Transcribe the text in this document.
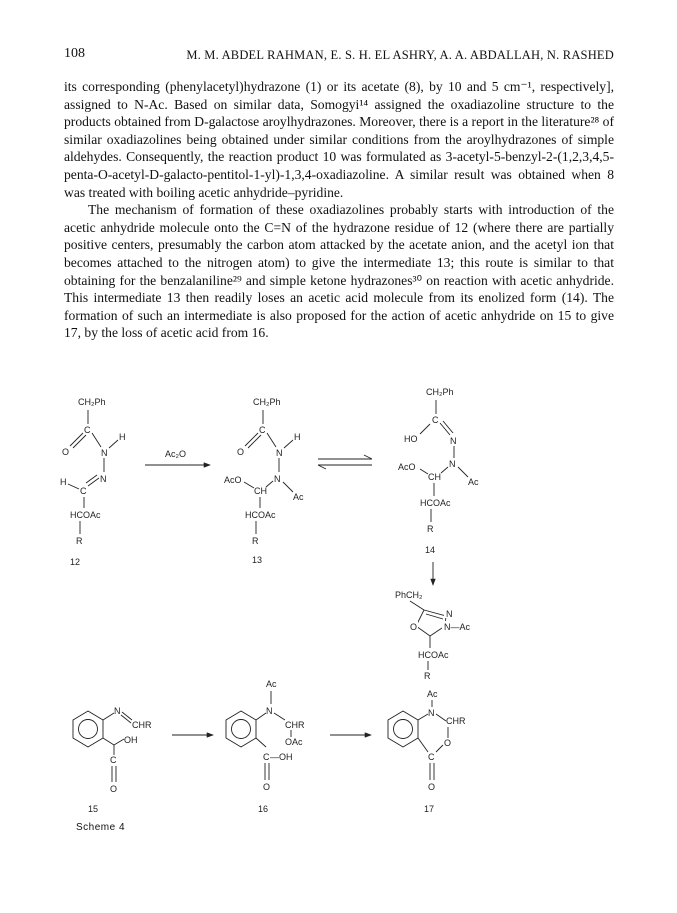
108	M. M. ABDEL RAHMAN, E. S. H. EL ASHRY, A. A. ABDALLAH, N. RASHED

its corresponding (phenylacetyl)hydrazone (1) or its acetate (8), by 10 and 5 cm⁻¹, respectively], assigned to N-Ac. Based on similar data, Somogyi¹⁴ assigned the oxadiazoline structure to the products obtained from D-galactose aroylhydrazones. Moreover, there is a report in the literature²⁸ of similar oxadiazolines being obtained under similar conditions from the aroylhydrazones of simple aldehydes. Consequently, the reaction product 10 was formulated as 3-acetyl-5-benzyl-2-(1,2,3,4,5-penta-O-acetyl-D-galacto-pentitol-1-yl)-1,3,4-oxadiazoline. A similar result was obtained when 8 was treated with boiling acetic anhydride–pyridine.

The mechanism of formation of these oxadiazolines probably starts with introduction of the acetic anhydride molecule onto the C=N of the hydrazone residue of 12 (where there are partially positive centers, presumably the carbon atom attacked by the acetate anion, and the acetyl ion that becomes attached to the nitrogen atom) to give the intermediate 13; this route is similar to that obtaining for the benzalaniline²⁹ and simple ketone hydrazones³⁰ on reaction with acetic anhydride. This intermediate 13 then readily loses an acetic acid molecule from its enolized form (14). The formation of such an intermediate is also proposed for the action of acetic anhydride on 15 to give 17, by the loss of acetic acid from 16.

CH₂Ph
C
O	N
H
N
C
H
HCOAc
R
12
Ac₂O
CH₂Ph
C
O	N
H
N
Ac
CH
AcO
HCOAc
R
13
CH₂Ph
C
HO	N
N
Ac
CH
AcO
HCOAc
R
14
PhCH₂
N
N—Ac
O
HCOAc
R
N
CHR
OH
C
O
15
Ac
N
CHR
OAc
C —OH
O
16
Ac
N
CHR
O
C
O
17
Scheme 4
